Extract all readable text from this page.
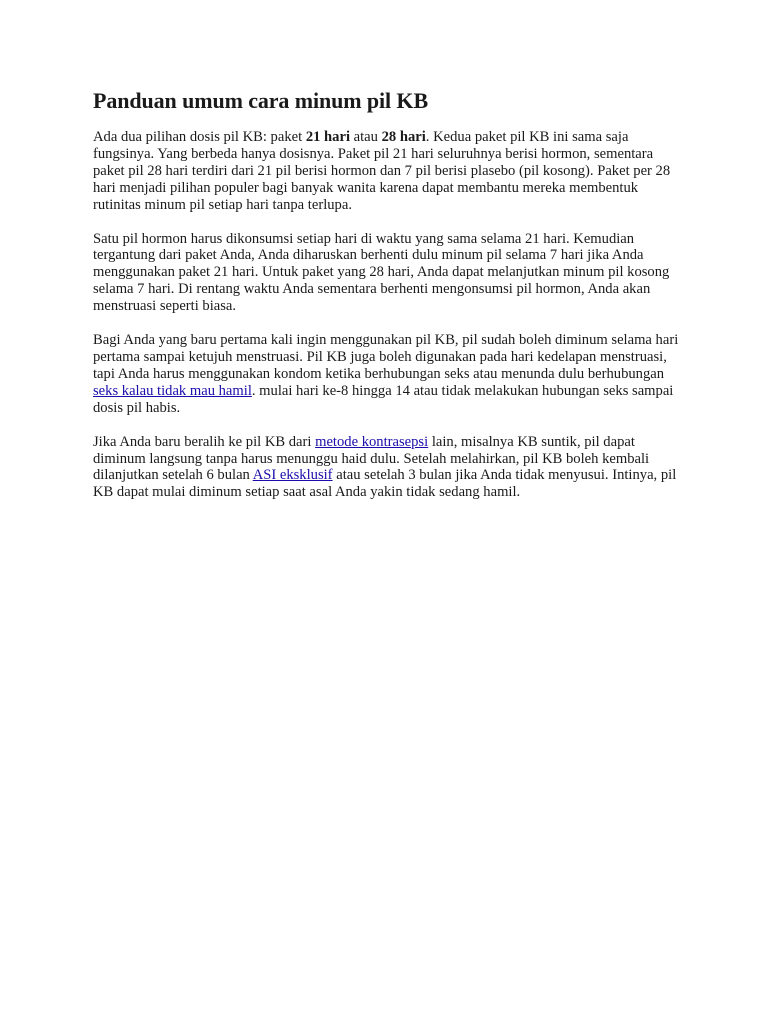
Panduan umum cara minum pil KB

Ada dua pilihan dosis pil KB: paket 21 hari atau 28 hari. Kedua paket pil KB ini sama saja fungsinya. Yang berbeda hanya dosisnya. Paket pil 21 hari seluruhnya berisi hormon, sementara paket pil 28 hari terdiri dari 21 pil berisi hormon dan 7 pil berisi plasebo (pil kosong). Paket per 28 hari menjadi pilihan populer bagi banyak wanita karena dapat membantu mereka membentuk rutinitas minum pil setiap hari tanpa terlupa.

Satu pil hormon harus dikonsumsi setiap hari di waktu yang sama selama 21 hari. Kemudian tergantung dari paket Anda, Anda diharuskan berhenti dulu minum pil selama 7 hari jika Anda menggunakan paket 21 hari. Untuk paket yang 28 hari, Anda dapat melanjutkan minum pil kosong selama 7 hari. Di rentang waktu Anda sementara berhenti mengonsumsi pil hormon, Anda akan menstruasi seperti biasa.

Bagi Anda yang baru pertama kali ingin menggunakan pil KB, pil sudah boleh diminum selama hari pertama sampai ketujuh menstruasi. Pil KB juga boleh digunakan pada hari kedelapan menstruasi, tapi Anda harus menggunakan kondom ketika berhubungan seks atau menunda dulu berhubungan seks kalau tidak mau hamil. mulai hari ke-8 hingga 14 atau tidak melakukan hubungan seks sampai dosis pil habis.

Jika Anda baru beralih ke pil KB dari metode kontrasepsi lain, misalnya KB suntik, pil dapat diminum langsung tanpa harus menunggu haid dulu. Setelah melahirkan, pil KB boleh kembali dilanjutkan setelah 6 bulan ASI eksklusif atau setelah 3 bulan jika Anda tidak menyusui. Intinya, pil KB dapat mulai diminum setiap saat asal Anda yakin tidak sedang hamil.
